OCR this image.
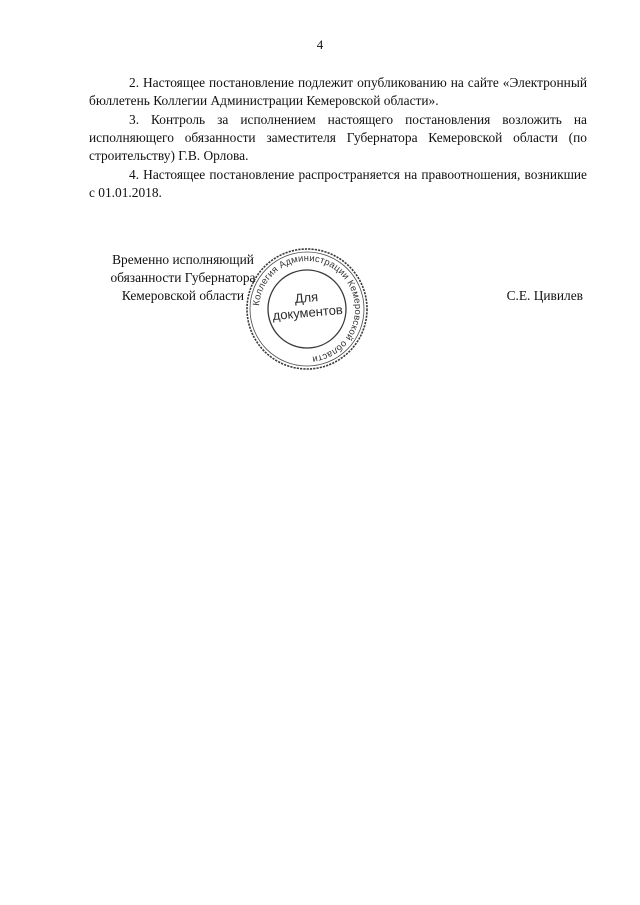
4

2. Настоящее постановление подлежит опубликованию на сайте «Электронный бюллетень Коллегии Администрации Кемеровской области».

3. Контроль за исполнением настоящего постановления возложить на исполняющего обязанности заместителя Губернатора Кемеровской области (по строительству) Г.В. Орлова.

4. Настоящее постановление распространяется на правоотношения, возникшие с 01.01.2018.

Временно исполняющий
обязанности Губернатора
Кемеровской области Коллегия Администрации Кемеровской области
Для
документов
С.Е. Цивилев
